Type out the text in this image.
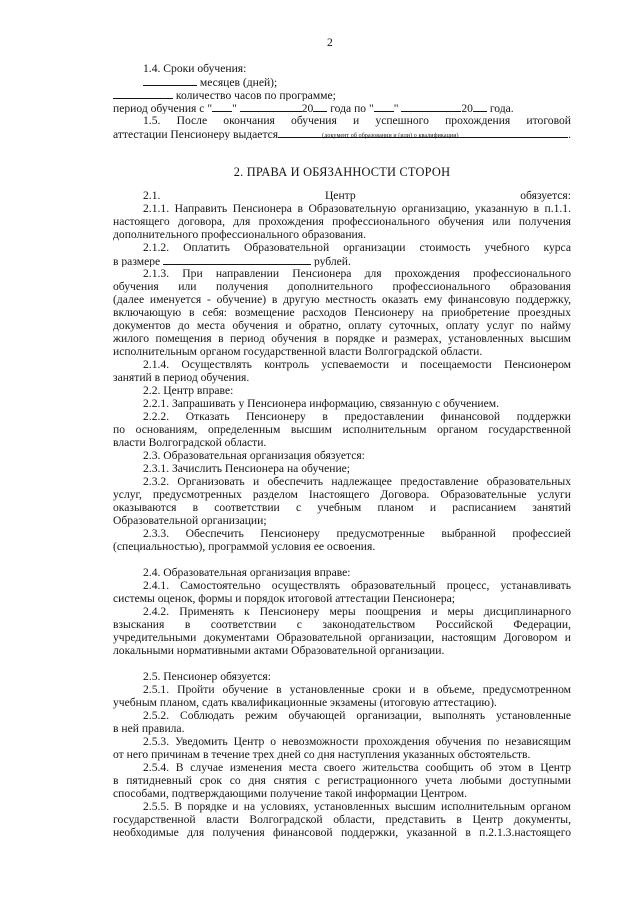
2
1.4. Сроки обучения:
месяцев (дней);
количество часов по программе;
период обучения с " "	20 года по " "	20 года.
1.5. После окончания обучения и успешного прохождения итоговой
аттестации Пенсионеру выдается	(документ об образовании и (или) о квалификации)	.
2. ПРАВА И ОБЯЗАННОСТИ СТОРОН
2.1. Центр обязуется:
2.1.1. Направить Пенсионера в Образовательную организацию, указанную в п.1.1.
настоящего договора, для прохождения профессионального обучения или получения
дополнительного профессионального образования.
2.1.2. Оплатить Образовательной организации стоимость учебного курса
в размере	рублей.
2.1.3. При направлении Пенсионера для прохождения профессионального
обучения или получения дополнительного профессионального образования
(далее именуется - обучение) в другую местность оказать ему финансовую поддержку,
включающую в себя: возмещение расходов Пенсионеру на приобретение проездных
документов до места обучения и обратно, оплату суточных, оплату услуг по найму
жилого помещения в период обучения в порядке и размерах, установленных высшим
исполнительным органом государственной власти Волгоградской области.
2.1.4. Осуществлять контроль успеваемости и посещаемости Пенсионером
занятий в период обучения.
2.2. Центр вправе:
2.2.1. Запрашивать у Пенсионера информацию, связанную с обучением.
2.2.2. Отказать Пенсионеру в предоставлении финансовой поддержки
по основаниям, определенным высшим исполнительным органом государственной
власти Волгоградской области.
2.3. Образовательная организация обязуется:
2.3.1. Зачислить Пенсионера на обучение;
2.3.2. Организовать и обеспечить надлежащее предоставление образовательных
услуг, предусмотренных разделом Iнастоящего Договора. Образовательные услуги
оказываются в соответствии с учебным планом и расписанием занятий
Образовательной организации;
2.3.3. Обеспечить Пенсионеру предусмотренные выбранной профессией
(специальностью), программой условия ее освоения.
2.4. Образовательная организация вправе:
2.4.1. Самостоятельно осуществлять образовательный процесс, устанавливать
системы оценок, формы и порядок итоговой аттестации Пенсионера;
2.4.2. Применять к Пенсионеру меры поощрения и меры дисциплинарного
взыскания в соответствии с законодательством Российской Федерации,
учредительными документами Образовательной организации, настоящим Договором и
локальными нормативными актами Образовательной организации.
2.5. Пенсионер обязуется:
2.5.1. Пройти обучение в установленные сроки и в объеме, предусмотренном
учебным планом, сдать квалификационные экзамены (итоговую аттестацию).
2.5.2. Соблюдать режим обучающей организации, выполнять установленные
в ней правила.
2.5.3. Уведомить Центр о невозможности прохождения обучения по независящим
от него причинам в течение трех дней со дня наступления указанных обстоятельств.
2.5.4. В случае изменения места своего жительства сообщить об этом в Центр
в пятидневный срок со дня снятия с регистрационного учета любыми доступными
способами, подтверждающими получение такой информации Центром.
2.5.5. В порядке и на условиях, установленных высшим исполнительным органом
государственной власти Волгоградской области, представить в Центр документы,
необходимые для получения финансовой поддержки, указанной в п.2.1.3.настоящего
